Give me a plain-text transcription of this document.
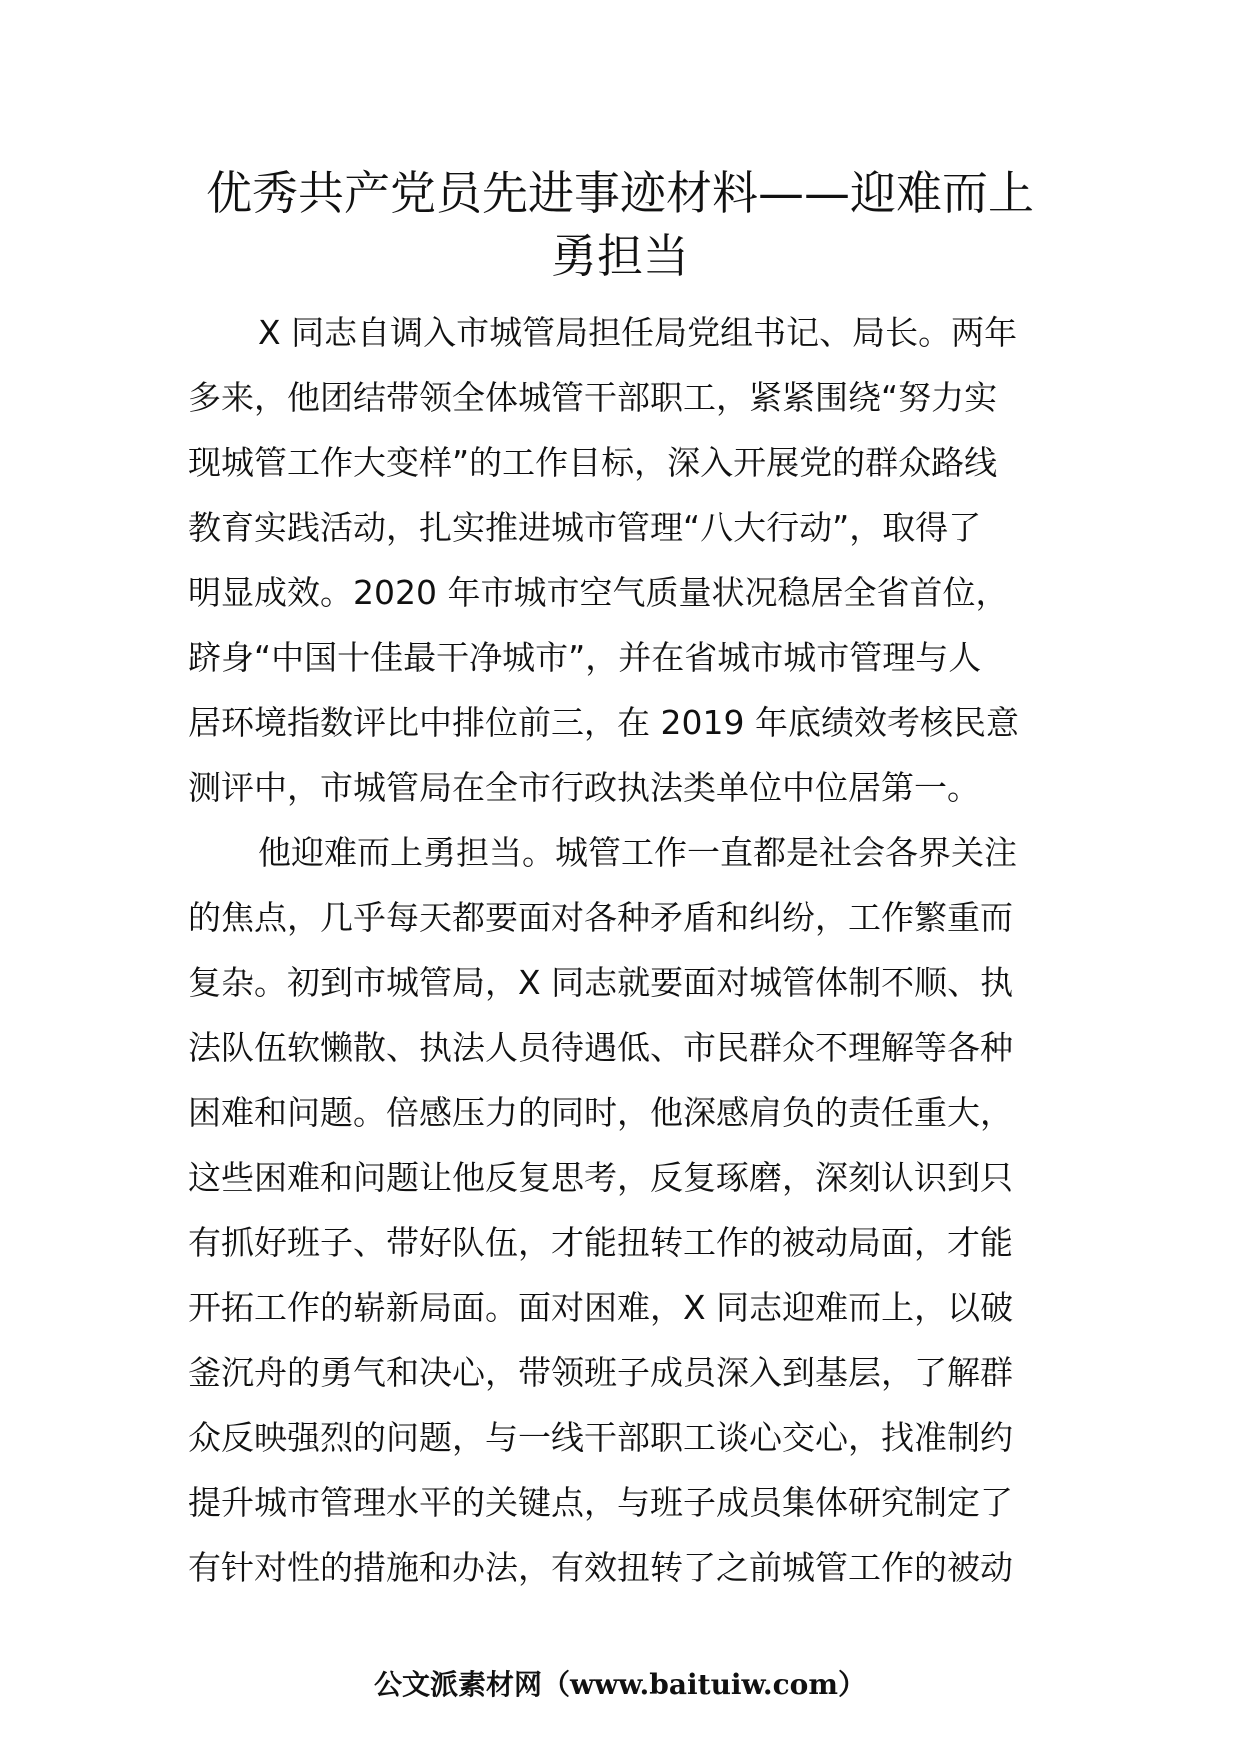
优秀共产党员先进事迹材料——迎难而上
勇担当
X 同志自调入市城管局担任局党组书记、局长。两年
多来，他团结带领全体城管干部职工，紧紧围绕“努力实
现城管工作大变样”的工作目标，深入开展党的群众路线
教育实践活动，扎实推进城市管理“八大行动”，取得了
明显成效。2020 年市城市空气质量状况稳居全省首位，
跻身“中国十佳最干净城市”，并在省城市城市管理与人
居环境指数评比中排位前三，在 2019 年底绩效考核民意
测评中，市城管局在全市行政执法类单位中位居第一。
他迎难而上勇担当。城管工作一直都是社会各界关注
的焦点，几乎每天都要面对各种矛盾和纠纷，工作繁重而
复杂。初到市城管局，X 同志就要面对城管体制不顺、执
法队伍软懒散、执法人员待遇低、市民群众不理解等各种
困难和问题。倍感压力的同时，他深感肩负的责任重大，
这些困难和问题让他反复思考，反复琢磨，深刻认识到只
有抓好班子、带好队伍，才能扭转工作的被动局面，才能
开拓工作的崭新局面。面对困难，X 同志迎难而上，以破
釜沉舟的勇气和决心，带领班子成员深入到基层，了解群
众反映强烈的问题，与一线干部职工谈心交心，找准制约
提升城市管理水平的关键点，与班子成员集体研究制定了
有针对性的措施和办法，有效扭转了之前城管工作的被动
公文派素材网（www.baituiw.com）
